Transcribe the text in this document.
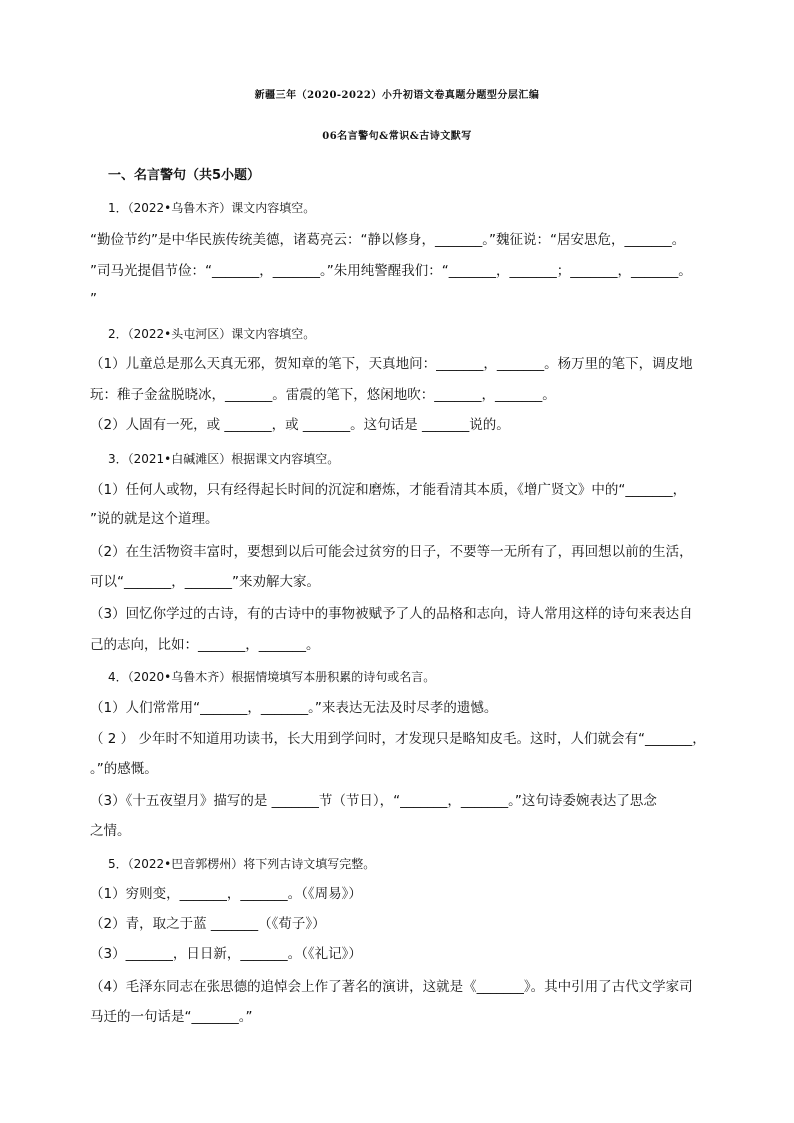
新疆三年（2020-2022）小升初语文卷真题分题型分层汇编
06名言警句&常识&古诗文默写
一、名言警句（共5小题）
1．（2022•乌鲁木齐）课文内容填空。
“勤俭节约”是中华民族传统美德，诸葛亮云：“静以修身，_______。”魏征说：“居安思危，_______。
”司马光提倡节俭：“_______，_______。”朱用纯警醒我们：“_______，_______；_______，_______。
”
2．（2022•头屯河区）课文内容填空。
（1）儿童总是那么天真无邪，贺知章的笔下，天真地问：_______，_______。杨万里的笔下，调皮地
玩：稚子金盆脱晓冰，_______。雷震的笔下，悠闲地吹：_______，_______。
（2）人固有一死，或 _______，或 _______。这句话是 _______说的。
3．（2021•白碱滩区）根据课文内容填空。
（1）任何人或物，只有经得起长时间的沉淀和磨炼，才能看清其本质，《增广贤文》中的“_______，
”说的就是这个道理。
（2）在生活物资丰富时，要想到以后可能会过贫穷的日子，不要等一无所有了，再回想以前的生活，
可以“_______，_______”来劝解大家。
（3）回忆你学过的古诗，有的古诗中的事物被赋予了人的品格和志向，诗人常用这样的诗句来表达自
己的志向，比如：_______，_______。
4．（2020•乌鲁木齐）根据情境填写本册积累的诗句或名言。
（1）人们常常用“_______，_______。”来表达无法及时尽孝的遗憾。
（ 2 ） 少年时不知道用功读书，长大用到学问时，才发现只是略知皮毛。这时，人们就会有“_______，
。”的感慨。
（3）《十五夜望月》描写的是 _______节（节日），“_______，_______。”这句诗委婉表达了思念
之情。
5．（2022•巴音郭楞州）将下列古诗文填写完整。
（1）穷则变，_______，_______。（《周易》）
（2）青，取之于蓝 _______（《荀子》）
（3）_______，日日新，_______。（《礼记》）
（4）毛泽东同志在张思德的追悼会上作了著名的演讲，这就是《_______》。其中引用了古代文学家司
马迁的一句话是“_______。”
